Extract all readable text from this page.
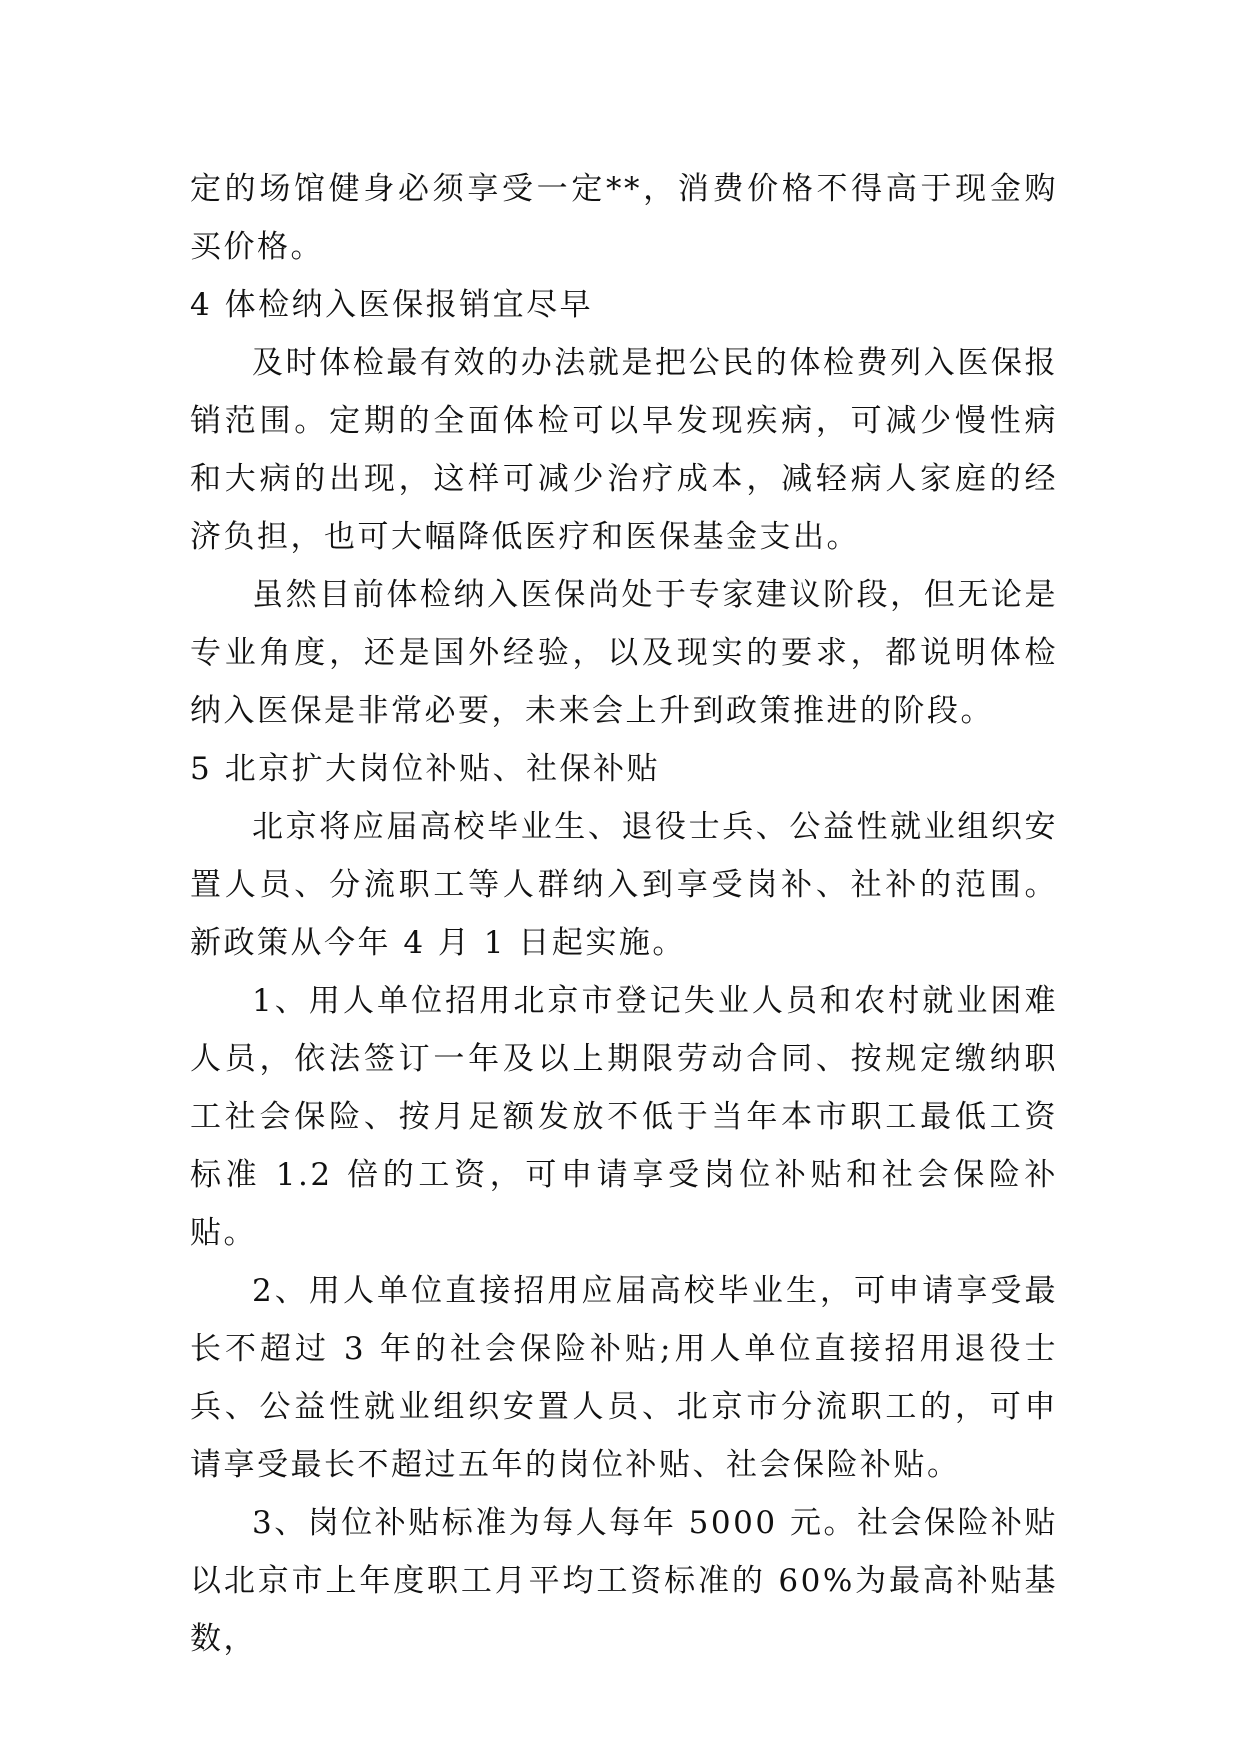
定的场馆健身必须享受一定**，消费价格不得高于现金购买价格。

4 体检纳入医保报销宜尽早

及时体检最有效的办法就是把公民的体检费列入医保报销范围。定期的全面体检可以早发现疾病，可减少慢性病和大病的出现，这样可减少治疗成本，减轻病人家庭的经济负担，也可大幅降低医疗和医保基金支出。

虽然目前体检纳入医保尚处于专家建议阶段，但无论是专业角度，还是国外经验，以及现实的要求，都说明体检纳入医保是非常必要，未来会上升到政策推进的阶段。

5 北京扩大岗位补贴、社保补贴

北京将应届高校毕业生、退役士兵、公益性就业组织安置人员、分流职工等人群纳入到享受岗补、社补的范围。新政策从今年 4 月 1 日起实施。

1、用人单位招用北京市登记失业人员和农村就业困难人员，依法签订一年及以上期限劳动合同、按规定缴纳职工社会保险、按月足额发放不低于当年本市职工最低工资标准 1.2 倍的工资，可申请享受岗位补贴和社会保险补贴。

2、用人单位直接招用应届高校毕业生，可申请享受最长不超过 3 年的社会保险补贴;用人单位直接招用退役士兵、公益性就业组织安置人员、北京市分流职工的，可申请享受最长不超过五年的岗位补贴、社会保险补贴。

3、岗位补贴标准为每人每年 5000 元。社会保险补贴以北京市上年度职工月平均工资标准的 60%为最高补贴基数，
